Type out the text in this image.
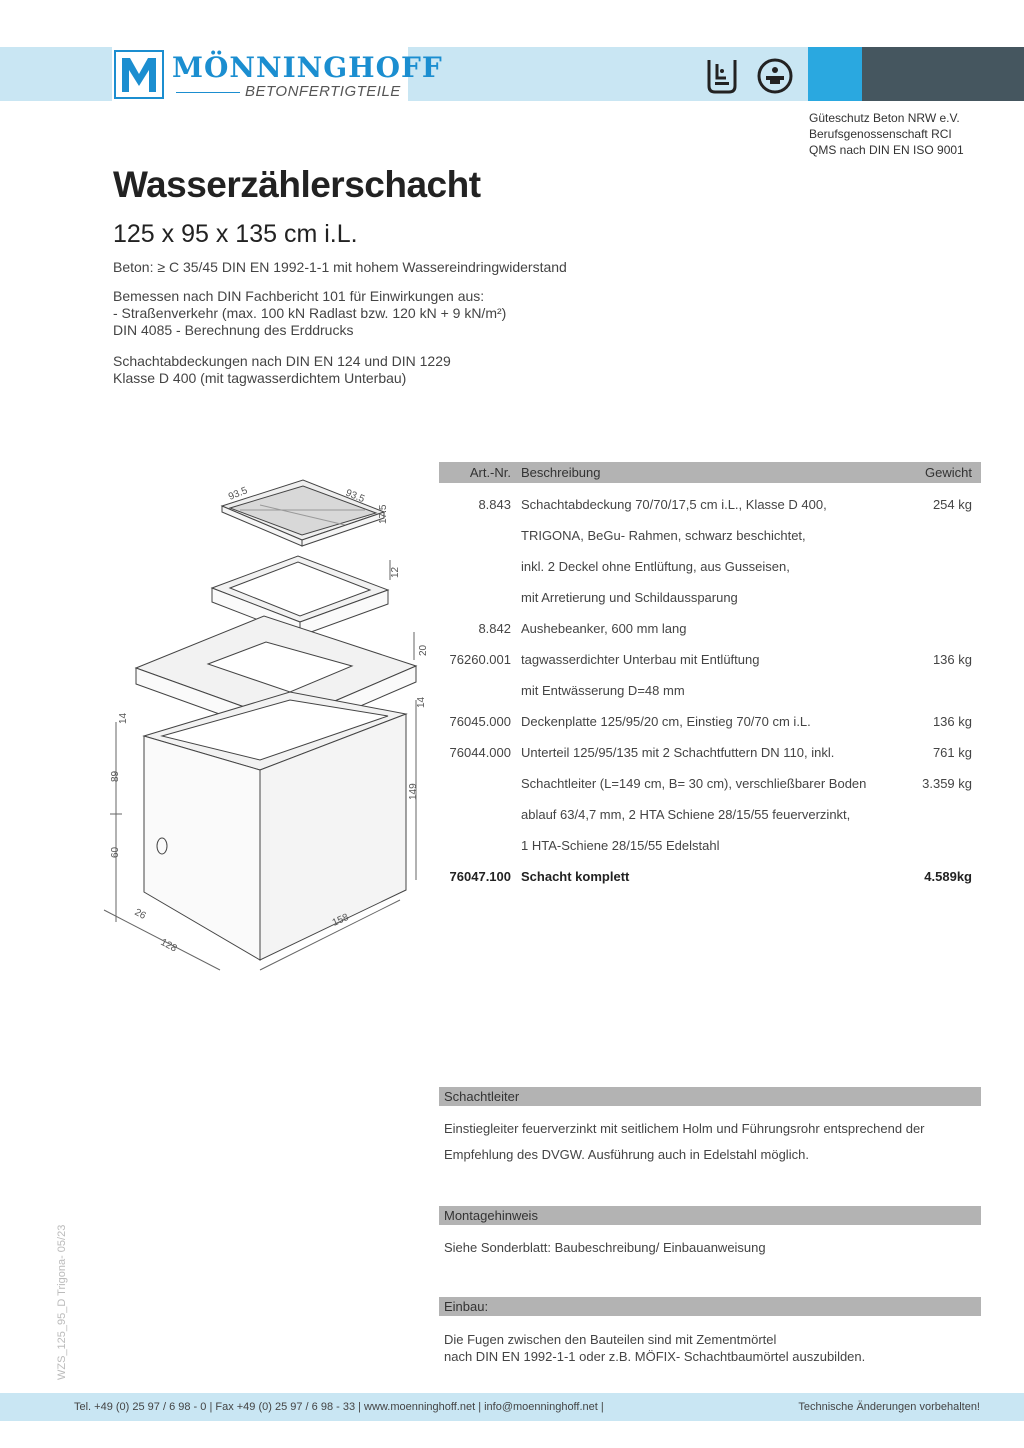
MÖNNINGHOFF
BETONFERTIGTEILE
Güteschutz Beton NRW e.V.
Berufsgenossenschaft RCI
QMS nach DIN EN ISO 9001
Wasserzählerschacht
125 x 95 x 135 cm i.L.
Beton: ≥ C 35/45 DIN EN 1992-1-1 mit hohem Wassereindringwiderstand
Bemessen nach DIN Fachbericht 101 für Einwirkungen aus:
- Straßenverkehr (max. 100 kN Radlast bzw. 120 kN + 9 kN/m²)
DIN 4085 - Berechnung des Erddrucks
Schachtabdeckungen nach DIN EN 124 und DIN 1229
Klasse D 400 (mit tagwasserdichtem Unterbau)
93.5	93.5
17.5
12
20
14
14
89
60
149
26
128
158
Art.-Nr. Beschreibung	Gewicht
8.843 Schachtabdeckung 70/70/17,5 cm i.L., Klasse D 400,	254 kg
TRIGONA, BeGu- Rahmen, schwarz beschichtet,
inkl. 2 Deckel ohne Entlüftung, aus Gusseisen,
mit Arretierung und Schildaussparung
8.842 Aushebeanker, 600 mm lang
76260.001 tagwasserdichter Unterbau mit Entlüftung	136 kg
mit Entwässerung D=48 mm
76045.000 Deckenplatte 125/95/20 cm, Einstieg 70/70 cm i.L.	136 kg
76044.000 Unterteil 125/95/135 mit 2 Schachtfuttern DN 110, inkl.	761 kg
Schachtleiter (L=149 cm, B= 30 cm), verschließbarer Boden	3.359 kg
ablauf 63/4,7 mm, 2 HTA Schiene 28/15/55 feuerverzinkt,
1 HTA-Schiene 28/15/55 Edelstahl
76047.100 Schacht komplett	4.589kg
Schachtleiter
Einstiegleiter feuerverzinkt mit seitlichem Holm und Führungsrohr entsprechend der
Empfehlung des DVGW. Ausführung auch in Edelstahl möglich.
Montagehinweis
Siehe Sonderblatt: Baubeschreibung/ Einbauanweisung
Einbau:
Die Fugen zwischen den Bauteilen sind mit Zementmörtel
nach DIN EN 1992-1-1 oder z.B. MÖFIX- Schachtbaumörtel auszubilden.
WZS_125_95_D Trigona- 05/23
Tel. +49 (0) 25 97 / 6 98 - 0 | Fax +49 (0) 25 97 / 6 98 - 33 | www.moenninghoff.net | info@moenninghoff.net |	Technische Änderungen vorbehalten!
